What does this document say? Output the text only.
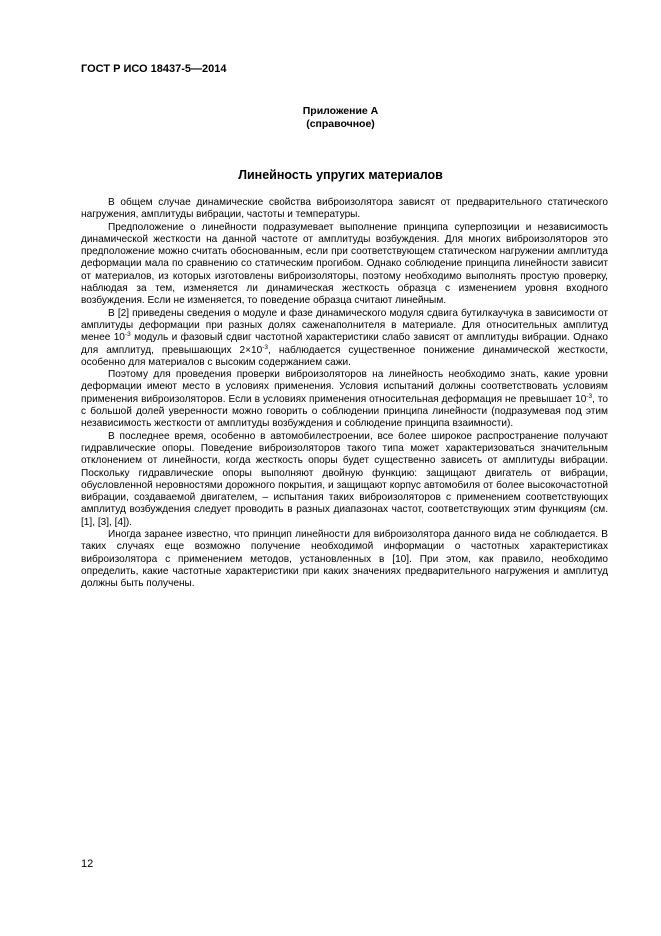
ГОСТ Р ИСО 18437-5—2014
Приложение А
(справочное)
Линейность упругих материалов

В общем случае динамические свойства виброизолятора зависят от предварительного статического нагружения, амплитуды вибрации, частоты и температуры.

Предположение о линейности подразумевает выполнение принципа суперпозиции и независимость динамической жесткости на данной частоте от амплитуды возбуждения. Для многих виброизоляторов это предположение можно считать обоснованным, если при соответствующем статическом нагружении амплитуда деформации мала по сравнению со статическим прогибом. Однако соблюдение принципа линейности зависит от материалов, из которых изготовлены виброизоляторы, поэтому необходимо выполнять простую проверку, наблюдая за тем, изменяется ли динамическая жесткость образца с изменением уровня входного возбуждения. Если не изменяется, то поведение образца считают линейным.

В [2] приведены сведения о модуле и фазе динамического модуля сдвига бутилкаучука в зависимости от амплитуды деформации при разных долях саженаполнителя в материале. Для относительных амплитуд менее $10^{-3}$ модуль и фазовый сдвиг частотной характеристики слабо зависят от амплитуды вибрации. Однако для амплитуд, превышающих $2\times 10^{-3}$, наблюдается существенное понижение динамической жесткости, особенно для материалов с высоким содержанием сажи.

Поэтому для проведения проверки виброизоляторов на линейность необходимо знать, какие уровни деформации имеют место в условиях применения. Условия испытаний должны соответствовать условиям применения виброизоляторов. Если в условиях применения относительная деформация не превышает $10^{-3}$, то с большой долей уверенности можно говорить о соблюдении принципа линейности (подразумевая под этим независимость жесткости от амплитуды возбуждения и соблюдение принципа взаимности).

В последнее время, особенно в автомобилестроении, все более широкое распространение получают гидравлические опоры. Поведение виброизоляторов такого типа может характеризоваться значительным отклонением от линейности, когда жесткость опоры будет существенно зависеть от амплитуды вибрации. Поскольку гидравлические опоры выполняют двойную функцию: защищают двигатель от вибрации, обусловленной неровностями дорожного покрытия, и защищают корпус автомобиля от более высокочастотной вибрации, создаваемой двигателем, – испытания таких виброизоляторов с применением соответствующих амплитуд возбуждения следует проводить в разных диапазонах частот, соответствующих этим функциям (см. [1], [3], [4]).

Иногда заранее известно, что принцип линейности для виброизолятора данного вида не соблюдается. В таких случаях еще возможно получение необходимой информации о частотных характеристиках виброизолятора с применением методов, установленных в [10]. При этом, как правило, необходимо определить, какие частотные характеристики при каких значениях предварительного нагружения и амплитуд должны быть получены.

12
